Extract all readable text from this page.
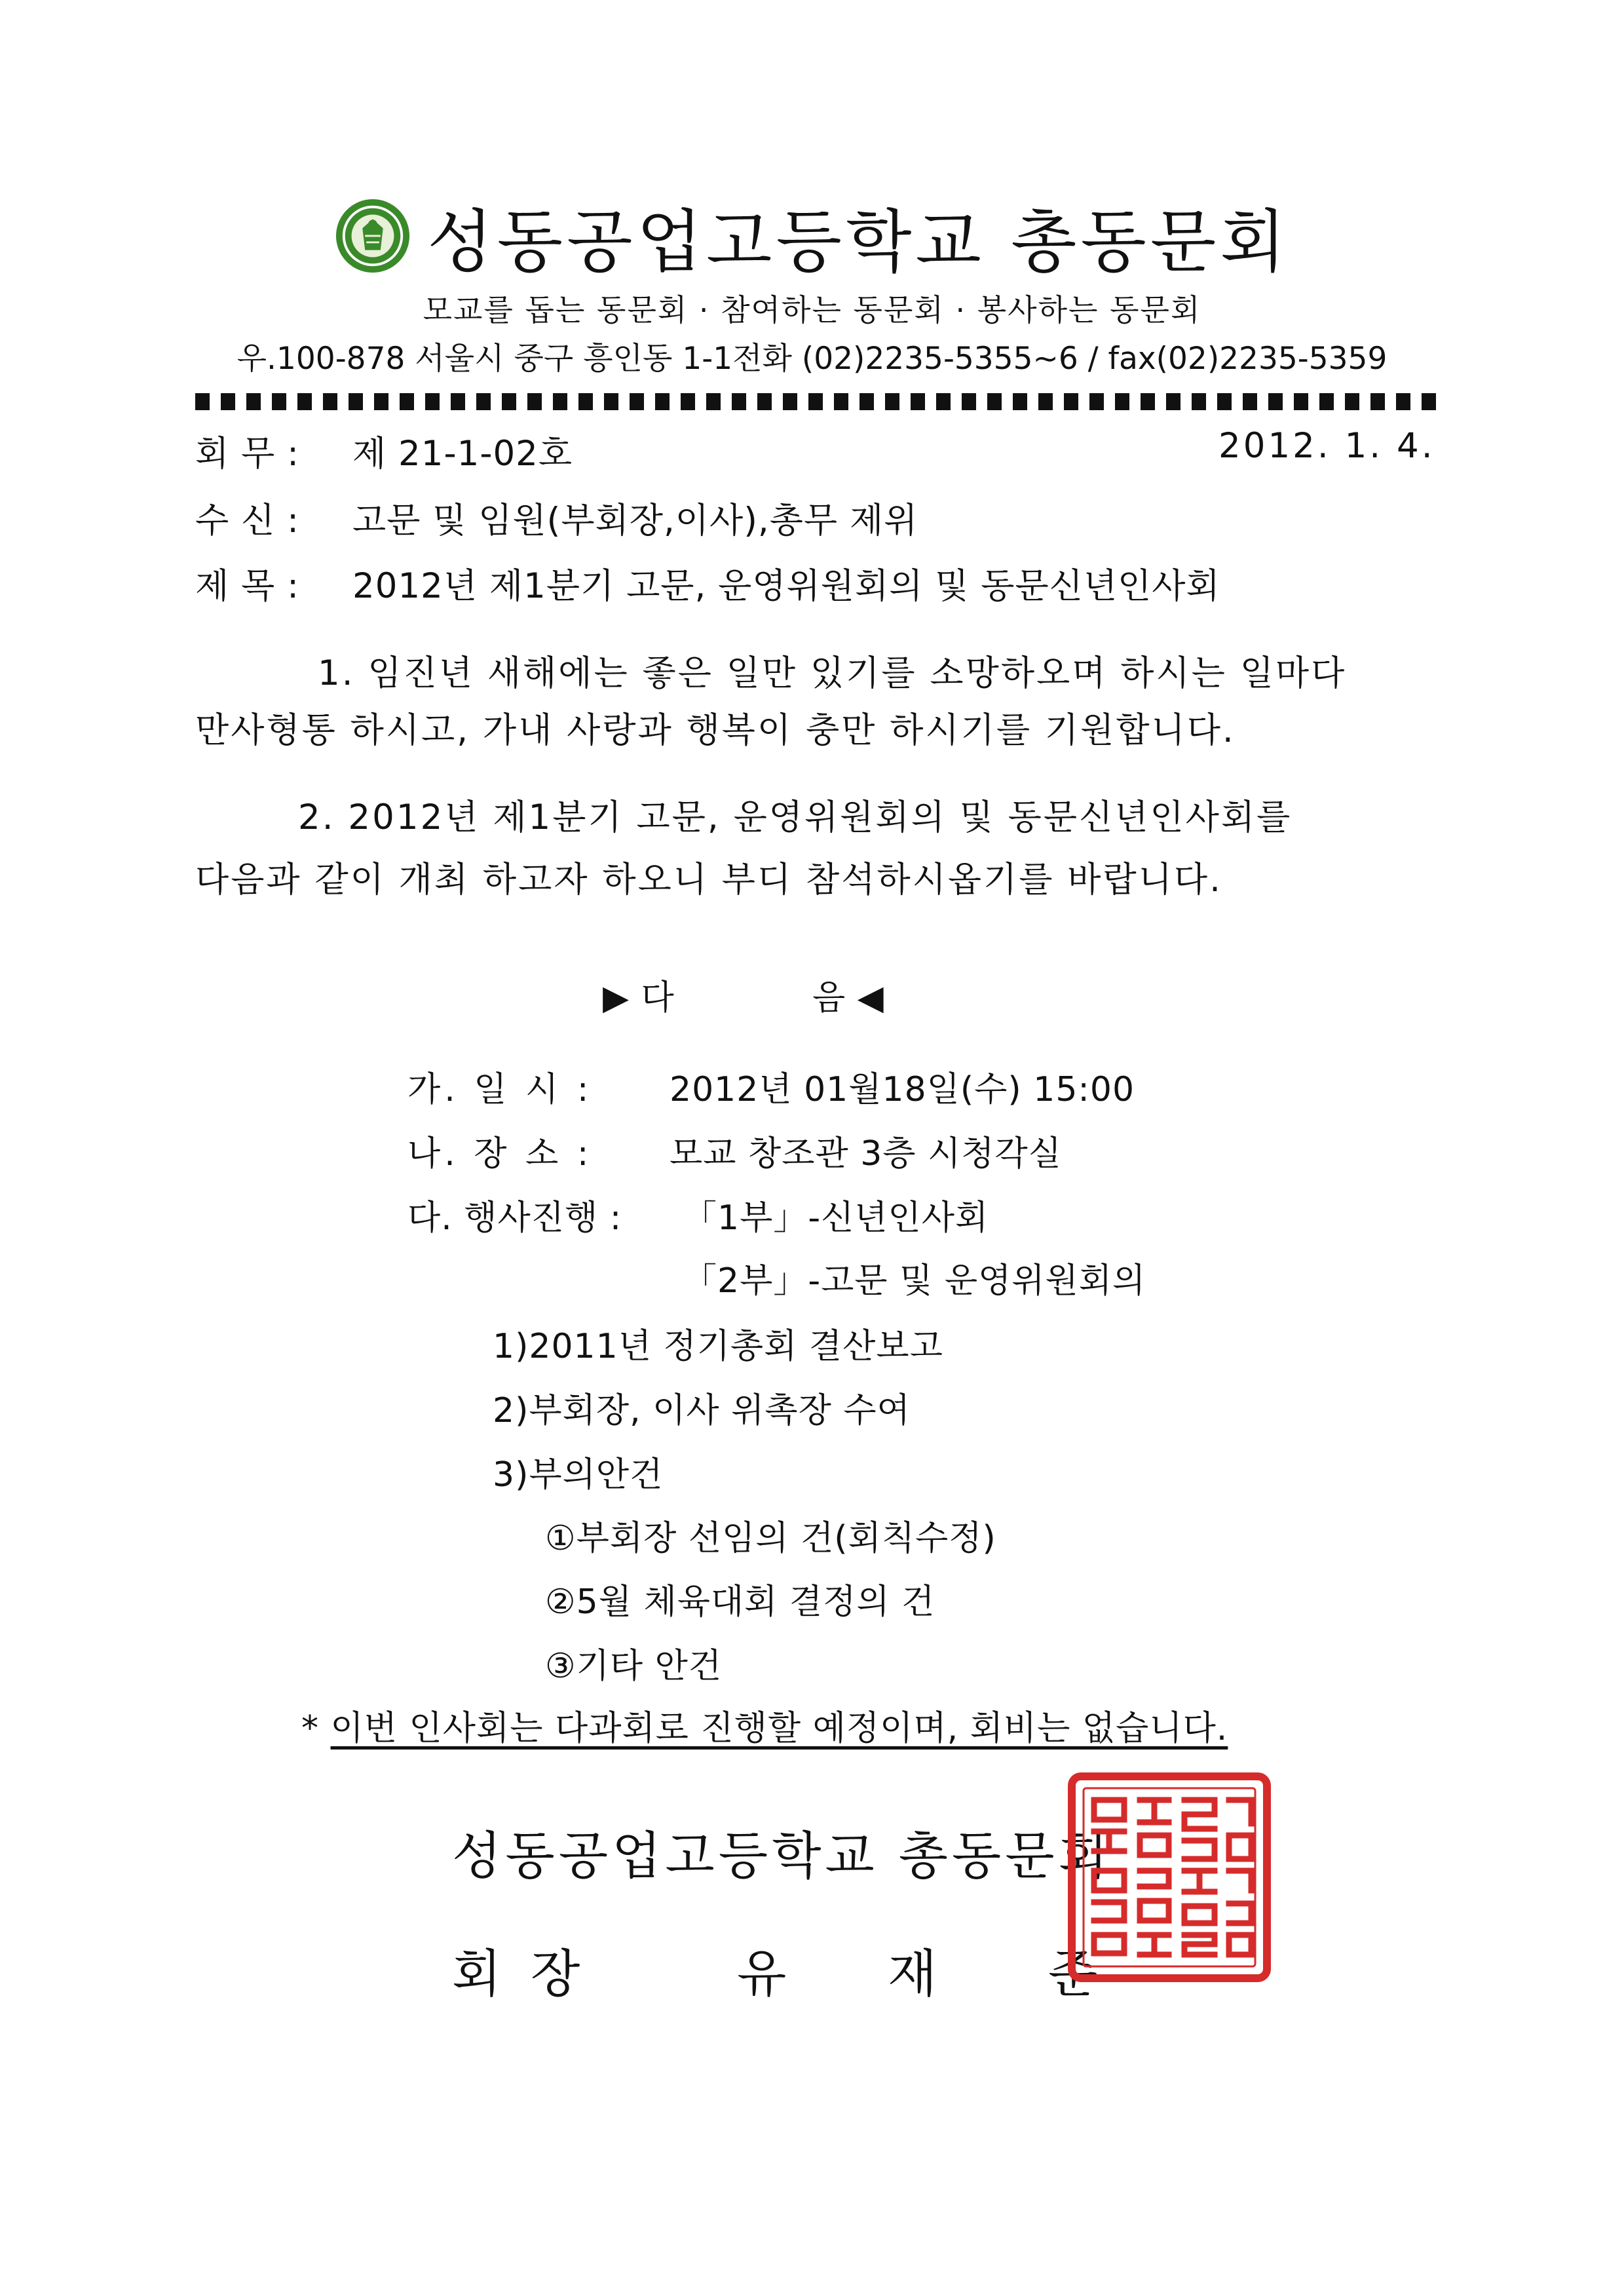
성동공업고등학교 총동문회
모교를 돕는 동문회 · 참여하는 동문회 · 봉사하는 동문회
우.100-878 서울시 중구 흥인동 1-1전화 (02)2235-5355∼6 / fax(02)2235-5359
회 무 : 제 21-1-02호	2012. 1. 4.
수 신 : 고문 및 임원(부회장,이사),총무 제위
제 목 : 2012년 제1분기 고문, 운영위원회의 및 동문신년인사회
1. 임진년 새해에는 좋은 일만 있기를 소망하오며 하시는 일마다
만사형통 하시고, 가내 사랑과 행복이 충만 하시기를 기원합니다.
2. 2012년 제1분기 고문, 운영위원회의 및 동문신년인사회를
다음과 같이 개최 하고자 하오니 부디 참석하시옵기를 바랍니다.
▶ 다	음 ◀
가. 일 시 : 2012년 01월18일(수) 15:00
나. 장 소 : 모교 창조관 3층 시청각실
다. 행사진행 : 「1부」-신년인사회
「2부」-고문 및 운영위원회의
1)2011년 정기총회 결산보고
2)부회장, 이사 위촉장 수여
3)부의안건
①부회장 선임의 건(회칙수정)
②5월 체육대회 결정의 건
③기타 안건
* 이번 인사회는 다과회로 진행할 예정이며, 회비는 없습니다.
성동공업고등학교 총동문회
회 장	유 재 준
